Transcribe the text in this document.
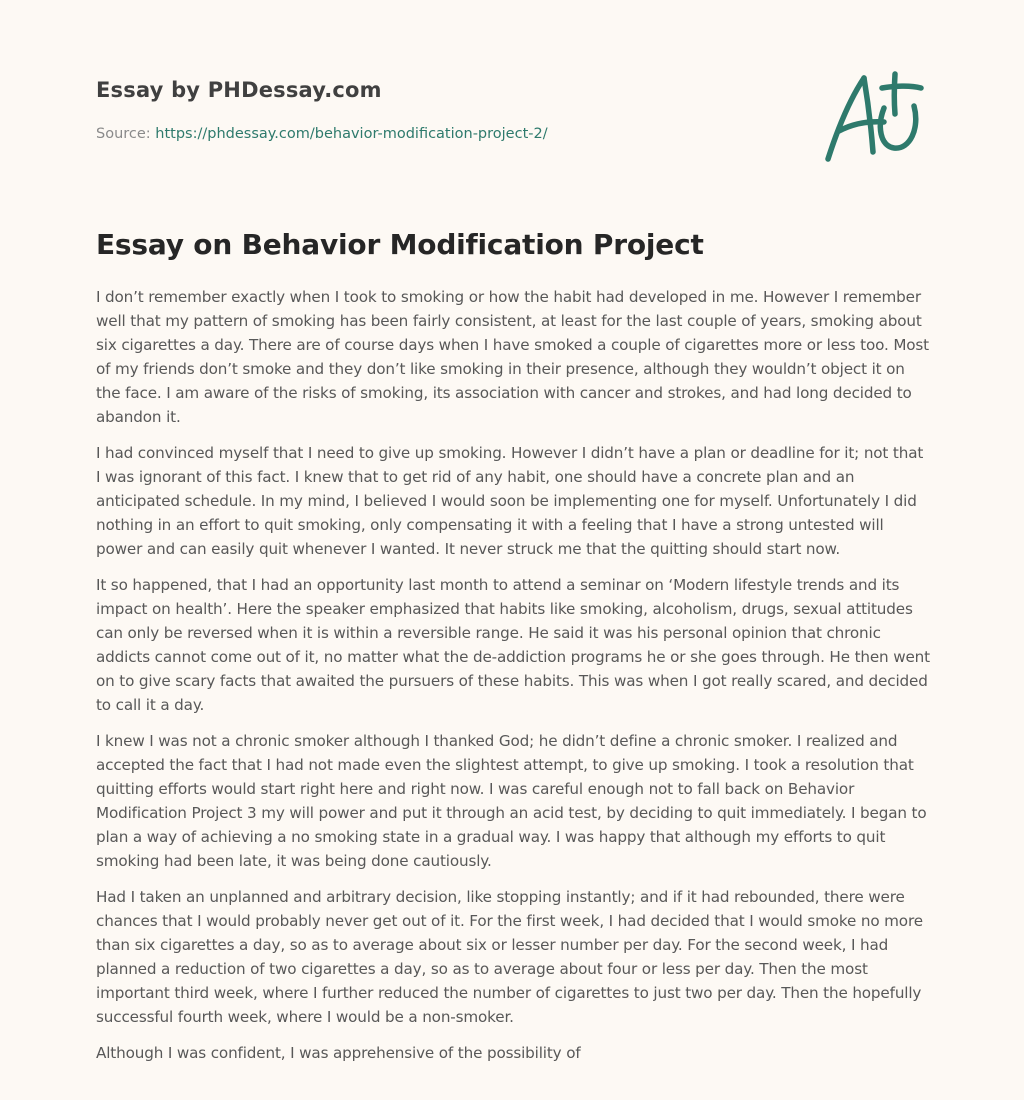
Essay by PHDessay.com
Source: https://phdessay.com/behavior-modification-project-2/
Essay on Behavior Modification Project

I don’t remember exactly when I took to smoking or how the habit had developed in me. However I remember well that my pattern of smoking has been fairly consistent, at least for the last couple of years, smoking about six cigarettes a day. There are of course days when I have smoked a couple of cigarettes more or less too. Most of my friends don’t smoke and they don’t like smoking in their presence, although they wouldn’t object it on the face. I am aware of the risks of smoking, its association with cancer and strokes, and had long decided to abandon it.

I had convinced myself that I need to give up smoking. However I didn’t have a plan or deadline for it; not that I was ignorant of this fact. I knew that to get rid of any habit, one should have a concrete plan and an anticipated schedule. In my mind, I believed I would soon be implementing one for myself. Unfortunately I did nothing in an effort to quit smoking, only compensating it with a feeling that I have a strong untested will power and can easily quit whenever I wanted. It never struck me that the quitting should start now.

It so happened, that I had an opportunity last month to attend a seminar on ‘Modern lifestyle trends and its impact on health’. Here the speaker emphasized that habits like smoking, alcoholism, drugs, sexual attitudes can only be reversed when it is within a reversible range. He said it was his personal opinion that chronic addicts cannot come out of it, no matter what the de-addiction programs he or she goes through. He then went on to give scary facts that awaited the pursuers of these habits. This was when I got really scared, and decided to call it a day.

I knew I was not a chronic smoker although I thanked God; he didn’t define a chronic smoker. I realized and accepted the fact that I had not made even the slightest attempt, to give up smoking. I took a resolution that quitting efforts would start right here and right now. I was careful enough not to fall back on Behavior Modification Project 3 my will power and put it through an acid test, by deciding to quit immediately. I began to plan a way of achieving a no smoking state in a gradual way. I was happy that although my efforts to quit smoking had been late, it was being done cautiously.

Had I taken an unplanned and arbitrary decision, like stopping instantly; and if it had rebounded, there were chances that I would probably never get out of it. For the first week, I had decided that I would smoke no more than six cigarettes a day, so as to average about six or lesser number per day. For the second week, I had planned a reduction of two cigarettes a day, so as to average about four or less per day. Then the most important third week, where I further reduced the number of cigarettes to just two per day. Then the hopefully successful fourth week, where I would be a non-smoker.

Although I was confident, I was apprehensive of the possibility of
